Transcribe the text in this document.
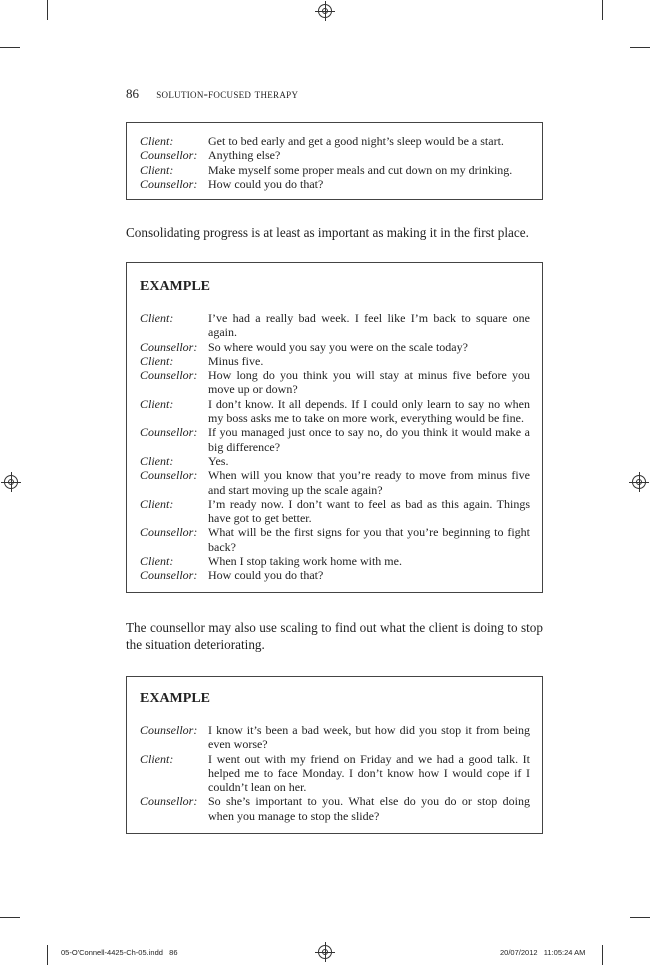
86 solution-focused therapy
Client:	Get to bed early and get a good night’s sleep would be a start.
Counsellor: Anything else?
Client:	Make myself some proper meals and cut down on my drinking.
Counsellor: How could you do that?
Consolidating progress is at least as important as making it in the first place.
EXAMPLE
Client:	I’ve had a really bad week. I feel like I’m back to square one again.
Counsellor: So where would you say you were on the scale today?
Client:	Minus five.
Counsellor: How long do you think you will stay at minus five before you move up or down?
Client:	I don’t know. It all depends. If I could only learn to say no when my boss asks me to take on more work, everything would be fine.
Counsellor: If you managed just once to say no, do you think it would make a big difference?
Client:	Yes.
Counsellor: When will you know that you’re ready to move from minus five and start moving up the scale again?
Client:	I’m ready now. I don’t want to feel as bad as this again. Things have got to get better.
Counsellor: What will be the first signs for you that you’re beginning to fight back?
Client:	When I stop taking work home with me.
Counsellor: How could you do that?
The counsellor may also use scaling to find out what the client is doing to stop the situation deteriorating.
EXAMPLE
Counsellor: I know it’s been a bad week, but how did you stop it from being even worse?
Client:	I went out with my friend on Friday and we had a good talk. It helped me to face Monday. I don’t know how I would cope if I couldn’t lean on her.
Counsellor: So she’s important to you. What else do you do or stop doing when you manage to stop the slide?
05-O'Connell-4425-Ch-05.indd   86	20/07/2012   11:05:24 AM
